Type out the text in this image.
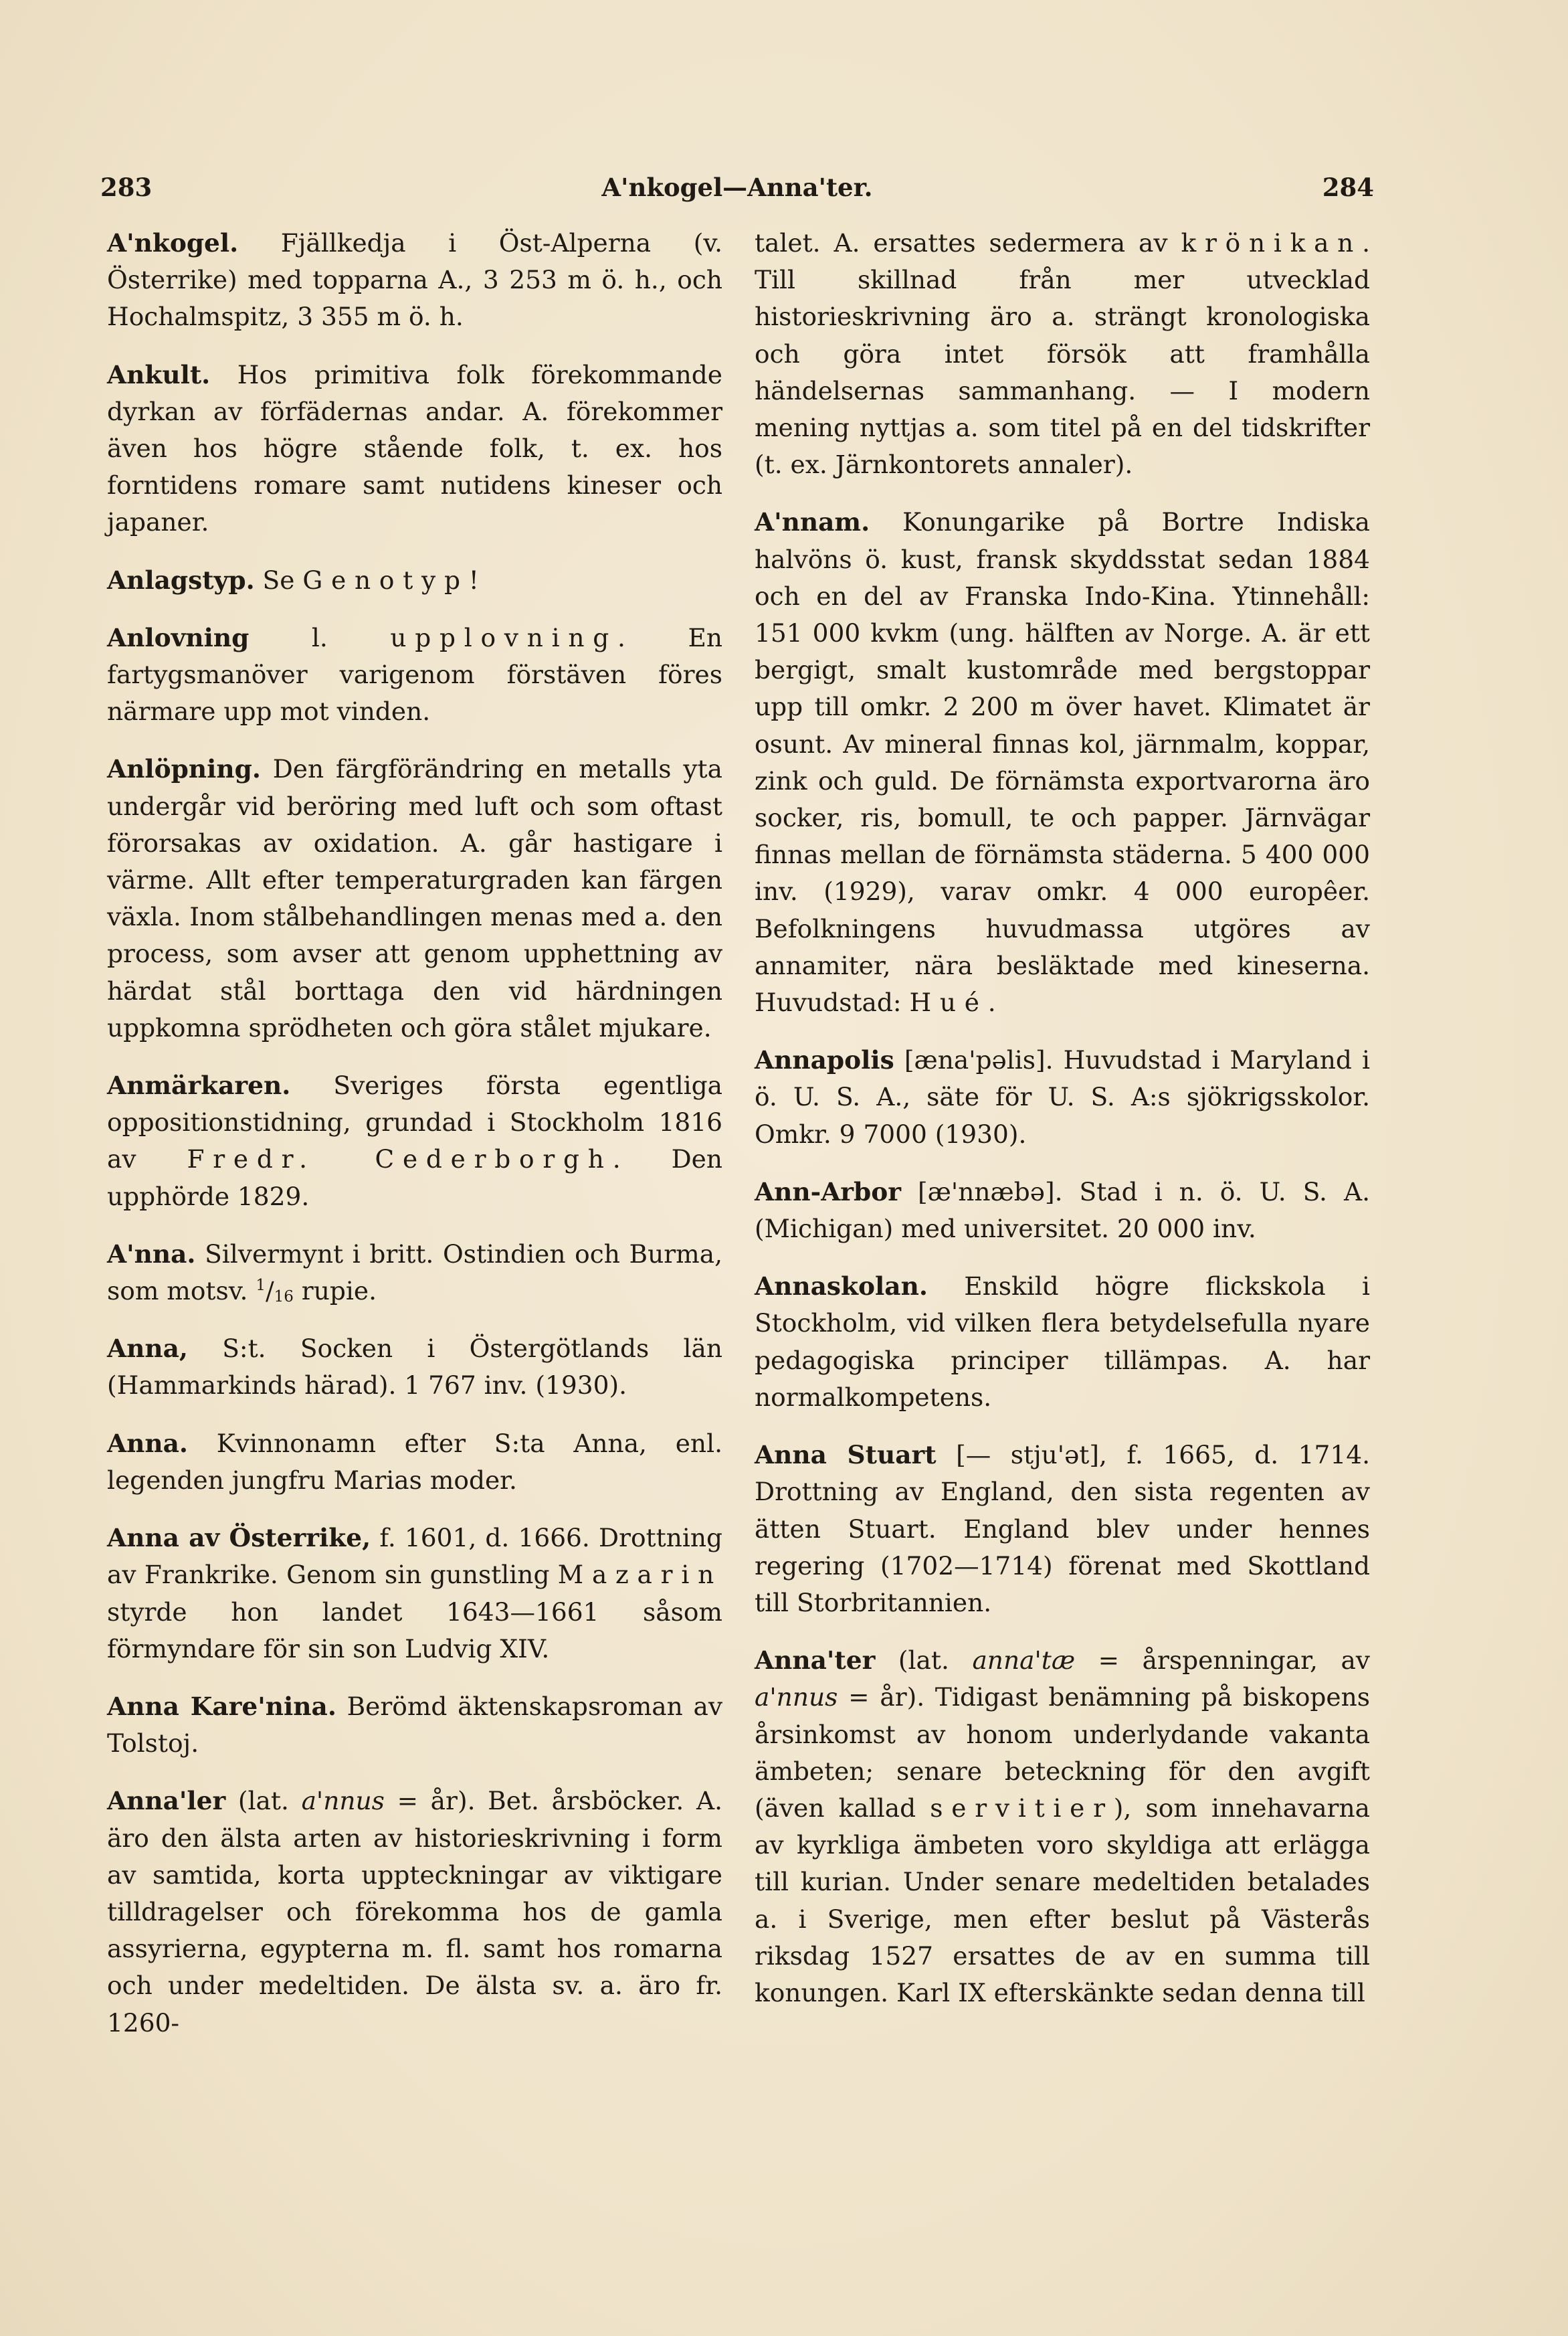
283	A'nkogel—Anna'ter.	284

A'nkogel. Fjällkedja i Öst-Alperna (v. Österrike) med topparna A., 3 253 m ö. h., och Hochalmspitz, 3 355 m ö. h.

Ankult. Hos primitiva folk förekommande dyrkan av förfädernas andar. A. förekommer även hos högre stående folk, t. ex. hos forntidens romare samt nutidens kineser och japaner.

Anlagstyp. Se Genotyp!

Anlovning l. upplovning. En fartygsmanöver varigenom förstäven föres närmare upp mot vinden.

Anlöpning. Den färgförändring en metalls yta undergår vid beröring med luft och som oftast förorsakas av oxidation. A. går hastigare i värme. Allt efter temperaturgraden kan färgen växla. Inom stålbehandlingen menas med a. den process, som avser att genom upphettning av härdat stål borttaga den vid härdningen uppkomna sprödheten och göra stålet mjukare.

Anmärkaren. Sveriges första egentliga oppositionstidning, grundad i Stockholm 1816 av Fredr. Cederborgh. Den upphörde 1829.

A'nna. Silvermynt i britt. Ostindien och Burma, som motsv. $^1/_{16}$ rupie.

Anna, S:t. Socken i Östergötlands län (Hammarkinds härad). 1 767 inv. (1930).

Anna. Kvinnonamn efter S:ta Anna, enl. legenden jungfru Marias moder.

Anna av Österrike, f. 1601, d. 1666. Drottning av Frankrike. Genom sin gunstling Mazarin styrde hon landet 1643—1661 såsom förmyndare för sin son Ludvig XIV.

Anna Kare'nina. Berömd äktenskapsroman av Tolstoj.

Anna'ler (lat. a'nnus = år). Bet. årsböcker. A. äro den älsta arten av historieskrivning i form av samtida, korta uppteckningar av viktigare tilldragelser och förekomma hos de gamla assyrierna, egypterna m. fl. samt hos romarna och under medeltiden. De älsta sv. a. äro fr. 1260-

talet. A. ersattes sedermera av krönikan. Till skillnad från mer utvecklad historieskrivning äro a. strängt kronologiska och göra intet försök att framhålla händelsernas sammanhang. — I modern mening nyttjas a. som titel på en del tidskrifter (t. ex. Järnkontorets annaler).

A'nnam. Konungarike på Bortre Indiska halvöns ö. kust, fransk skyddsstat sedan 1884 och en del av Franska Indo-Kina. Ytinnehåll: 151 000 kvkm (ung. hälften av Norge. A. är ett bergigt, smalt kustområde med bergstoppar upp till omkr. 2 200 m över havet. Klimatet är osunt. Av mineral finnas kol, järnmalm, koppar, zink och guld. De förnämsta exportvarorna äro socker, ris, bomull, te och papper. Järnvägar finnas mellan de förnämsta städerna. 5 400 000 inv. (1929), varav omkr. 4 000 europêer. Befolkningens huvudmassa utgöres av annamiter, nära besläktade med kineserna. Huvudstad: Hué.

Annapolis [æna'pəlis]. Huvudstad i Maryland i ö. U. S. A., säte för U. S. A:s sjökrigsskolor. Omkr. 9 7000 (1930).

Ann-Arbor [æ'nnæbə]. Stad i n. ö. U. S. A. (Michigan) med universitet. 20 000 inv.

Annaskolan. Enskild högre flickskola i Stockholm, vid vilken flera betydelsefulla nyare pedagogiska principer tillämpas. A. har normalkompetens.

Anna Stuart [— stju'ət], f. 1665, d. 1714. Drottning av England, den sista regenten av ätten Stuart. England blev under hennes regering (1702—1714) förenat med Skottland till Storbritannien.

Anna'ter (lat. anna'tæ = årspenningar, av a'nnus = år). Tidigast benämning på biskopens årsinkomst av honom underlydande vakanta ämbeten; senare beteckning för den avgift (även kallad servitier), som innehavarna av kyrkliga ämbeten voro skyldiga att erlägga till kurian. Under senare medeltiden betalades a. i Sverige, men efter beslut på Västerås riksdag 1527 ersattes de av en summa till konungen. Karl IX efterskänkte sedan denna till
